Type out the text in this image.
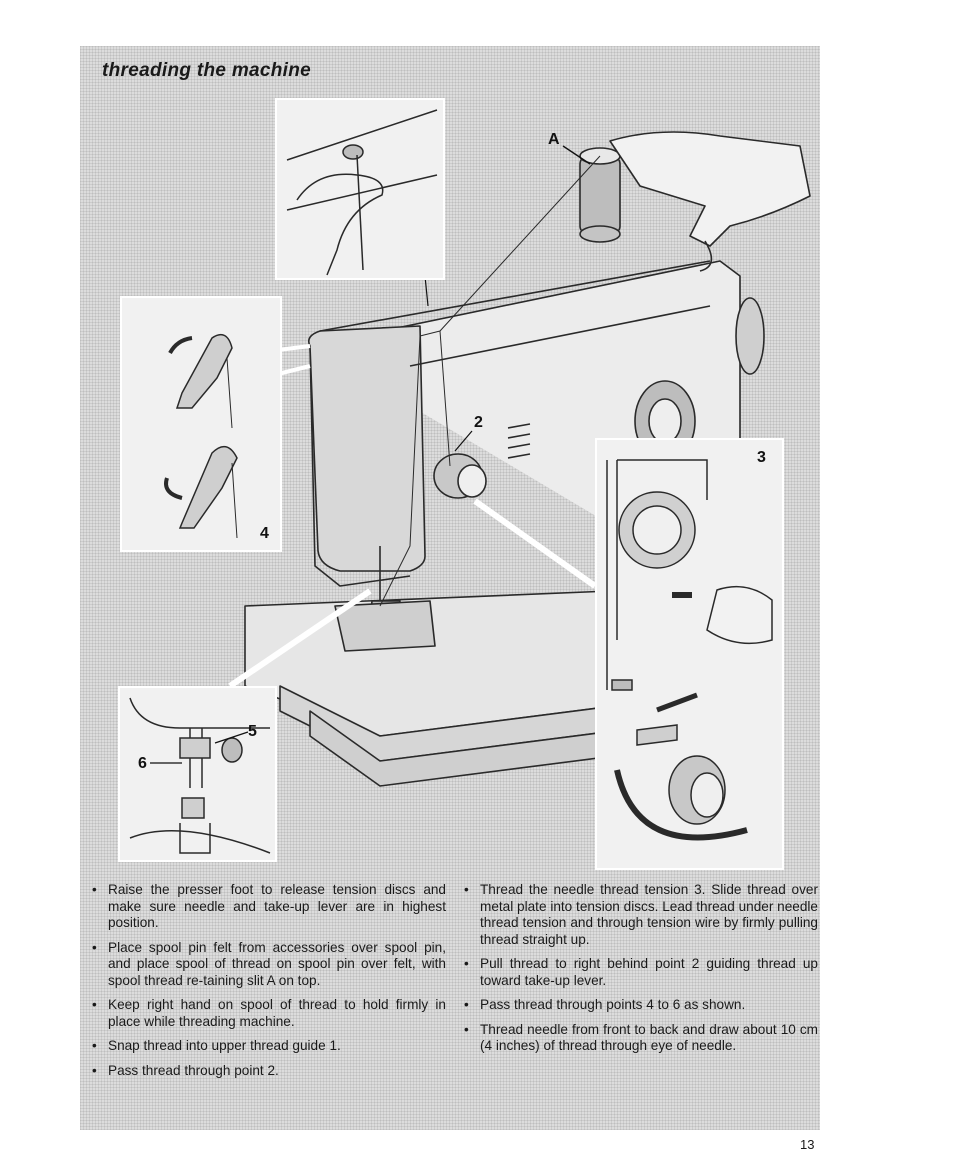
threading the machine
A
2
4
3
5
6
• Raise the presser foot to release tension discs and make sure needle and take-up lever are in highest position.
• Place spool pin felt from accessories over spool pin, and place spool of thread on spool pin over felt, with spool thread re-taining slit A on top.
• Keep right hand on spool of thread to hold firmly in place while threading machine.
• Snap thread into upper thread guide 1.
• Pass thread through point 2.
• Thread the needle thread tension 3. Slide thread over metal plate into tension discs. Lead thread under needle thread tension and through tension wire by firmly pulling thread straight up.
• Pull thread to right behind point 2 guiding thread up toward take-up lever.
• Pass thread through points 4 to 6 as shown.
• Thread needle from front to back and draw about 10 cm (4 inches) of thread through eye of needle.
13
